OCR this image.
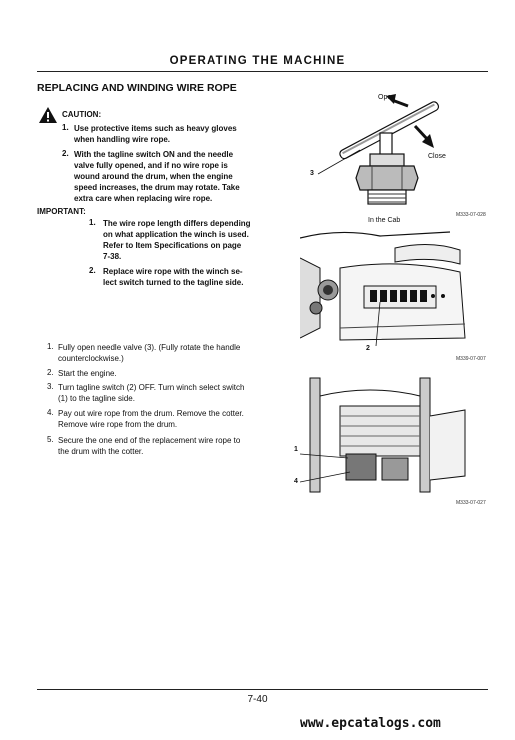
OPERATING THE MACHINE
REPLACING AND WINDING WIRE ROPE
CAUTION:
1. Use protective items such as heavy gloves
when handling wire rope.
2. With the tagline switch ON and the needle
valve fully opened, and if no wire rope is
wound around the drum, when the engine
speed increases, the drum may rotate. Take
extra care when replacing wire rope.
IMPORTANT:
1. The wire rope length differs depending
on what application the winch is used.
Refer to Item Specifications on page
7-38.
2. Replace wire rope with the winch se-
lect switch turned to the tagline side.
1. Fully open needle valve (3). (Fully rotate the handle
counterclockwise.)
2. Start the engine.
3. Turn tagline switch (2) OFF. Turn winch select switch
(1) to the tagline side.
4. Pay out wire rope from the drum. Remove the cotter.
Remove wire rope from the drum.
5. Secure the one end of the replacement wire rope to
the drum with the cotter.
Open
Close
3
M333-07-028
In the Cab
2
M339-07-007
1
4
M333-07-027
7-40
www.epcatalogs.com
